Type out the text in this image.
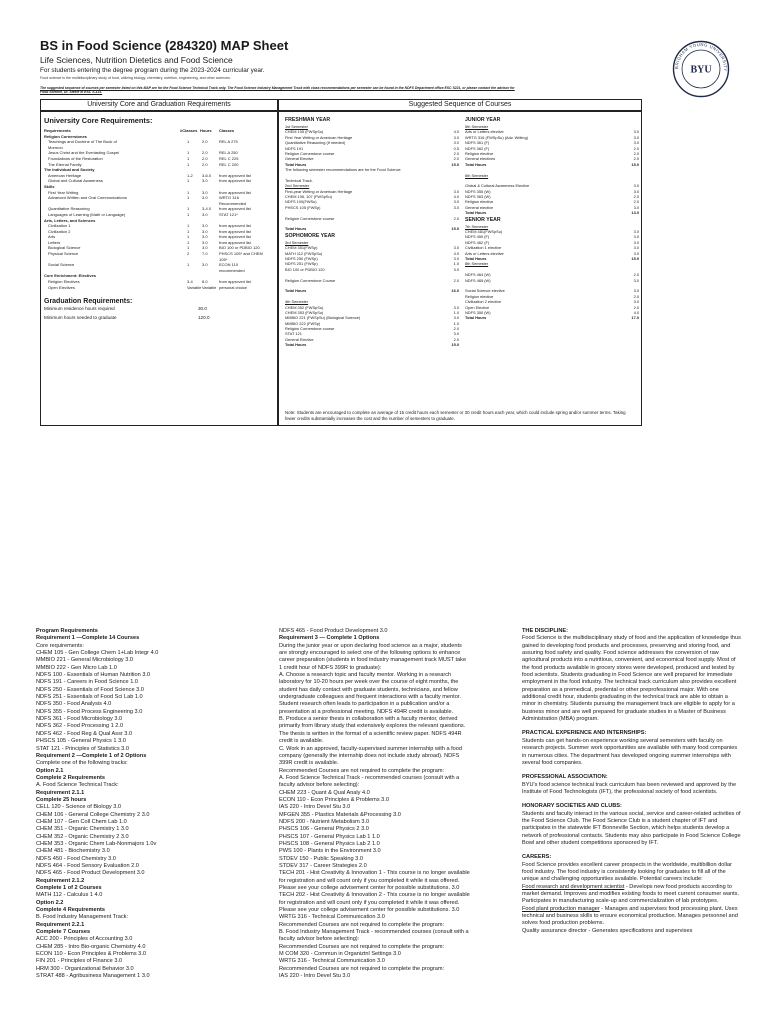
BS in Food Science (284320) MAP Sheet
Life Sciences, Nutrition Dietetics and Food Science
For students entering the degree program during the 2023-2024 curricular year.
Food science is the multidisciplinary study of food, utilizing biology, chemistry, nutrition, engineering, and other sciences.
The suggested sequence of courses per semester listed on this MAP are for the Food Science Technical Track only. The Food Science Industry Management Track with class recommendations per semester can be found in the NDFS Department office ESC S221, or please contact the advisor for Food Science, Dr. Steele in ESC S-131.
BRIGHAM YOUNG UNIVERSITY
BYU
University Core and Graduation Requirements	Suggested Sequence of Courses
University Core Requirements:
Requirements	#Classes Hours Classes
Religion Cornerstones
Teachings and Doctrine of The Book of	1	2.0	REL A 275
Mormon
Jesus Christ and the Everlasting Gospel	1	2.0	REL A 250
Foundations of the Restoration	1	2.0	REL C 225
The Eternal Family	1	2.0	REL C 200
The Individual and Society
American Heritage	1-2 3-6.0 from approved list
Global and Cultural Awareness	1	3.0	from approved list
Skills
First Year Writing	1	3.0	from approved list
Advanced Written and Oral Communications	1	3.0	WRTG 316
Recommended
Quantitative Reasoning	1	3-4.0 from approved list
Languages of Learning (Math or Language)	1	3.0	STAT 121*
Arts, Letters, and Sciences
Civilization 1	1	3.0	from approved list
Civilization 2	1	3.0	from approved list
Arts	1	3.0	from approved list
Letters	1	3.0	from approved list
Biological Science	1	3.0	BIO 100 or PDBIO 120
Physical Science	2	7.0	PHSCS 105* and CHEM
105*
Social Science	1	3.0	ECON 110
recommended
Core Enrichment: Electives
Religion Electives	3-4 6.0	from approved list
Open Electives	Variable Variable personal choice
Graduation Requirements:
Minimum residence hours required	30.0
Minimum hours needed to graduate	120.0
FRESHMAN YEAR
1st Semester
CHEM 105 (FWSpSu)	4.0
First Year Writing or American Heritage	3.0
Quantitative Reasoning (if needed)	3.0
NDFS 191	0.5
Religion Cornerstone course	2.0
General Elective	2.0
Total Hours	15.0
The following semester recommendations are for the Food Science
Technical Track.
2nd Semester
First-year Writing or American Heritage	3.0
CHEM 106, 107 (FWSpSu)	4.0
NDFS 100(FWSu)	3.0
PHSCS 105 (FWSp)	3.0
Religion Cornerstone course	2.0
Total Hours	15.0
SOPHOMORE YEAR
3rd Semester
CHEM 351(FWSp)	3.0
MATH 112 (FWSpSu)	4.0
NDFS 250 (FWSp)	3.0
NDFS 251 (FWSp)	1.0
BIO 100 or PDBIO 120	3.0
Religion Cornerstone Course	2.0
Total Hours	16.0
4th Semester
CHEM 352 (FWSpSu)	3.0
CHEM 353 (FWSpSu)	1.0
MMBIO 221 (FWSpSu) (Biological Science)	3.0
MMBIO 222 (FWSp)	1.0
Religion Cornerstone course	2.0
STAT 121	3.0
General Elective	2.0
Total Hours	15.0
JUNIOR YEAR
5th Semester
Arts or Letters elective	3.0
WRTG 316 (FWSpSu) (Adv. Writing)	3.0
NDFS 361 (F)	3.0
NDFS 362 (F)	2.0
Religion elective	2.0
General electives	2.0
Total Hours	15.0
6th Semester
Global & Cultural Awareness Elective	3.0
NDFS 355 (W)	3.0
NDFS 363 (W)	2.0
Religion elective	2.0
General elective	3.0
Total Hours	13.0
SENIOR YEAR
7th Semester
CHEM 481(FWSpSu)	3.0
NDFS 450 (F)	3.0
NDFS 462 (F)	3.0
Civilization 1 elective	3.0
Arts or Letters elective	3.0
Total Hours	15.0
8th Semester
NDFS 464 (W)	2.0
NDFS 465 (W)	3.0
Social Science elective	3.0
Religion elective	2.0
Civilization 2 elective	3.0
Open Elective	2.0
NDFS 350 (W)	4.0
Total Hours	17.0
Note: Students are encouraged to complete an average of 15 credit hours each semester or 30 credit hours each year, which could include spring and/or summer terms. Taking fewer credits substantially increases the cost and the number of semesters to graduate.
Program Requirements
Requirement 1 —Complete 14 Courses
Core requirements:
CHEM 105 - Gen College Chem 1+Lab Integr 4.0
MMBIO 221 - General Microbiology 3.0
MMBIO 222 - Gen Micro Lab 1.0
NDFS 100 - Essentials of Human Nutrition 3.0
NDFS 191 - Careers in Food Science 1.0
NDFS 250 - Essentials of Food Science 3.0
NDFS 251 - Essentials of Food Sci Lab 1.0
NDFS 350 - Food Analysis 4.0
NDFS 355 - Food Process Engineering 3.0
NDFS 361 - Food Microbiology 3.0
NDFS 362 - Food Processing 1 2.0
NDFS 462 - Food Reg & Qual Assr 3.0
PHSCS 105 - General Physics 1 3.0
STAT 121 - Principles of Statistics 3.0
Requirement 2 —Complete 1 of 2 Options
Complete one of the following tracks:
Option 2.1
Complete 2 Requirements
A. Food Science Technical Track:
Requirement 2.1.1
Complete 25 hours
CELL 120 - Science of Biology 3.0
CHEM 106 - General College Chemistry 2 3.0
CHEM 107 - Gen Coll Chem Lab 1.0
CHEM 351 - Organic Chemistry 1 3.0
CHEM 352 - Organic Chemistry 2 3.0
CHEM 353 - Organic Chem Lab-Nonmajors 1.0v
CHEM 481 - Biochemistry 3.0
NDFS 450 - Food Chemistry 3.0
NDFS 464 - Food Sensory Evaluation 2.0
NDFS 465 - Food Product Development 3.0
Requirement 2.1.2
Complete 1 of 2 Courses
MATH 112 - Calculus 1 4.0
Option 2.2
Complete 4 Requirements
B. Food Industry Management Track:
Requirement 2.2.1
Complete 7 Courses
ACC 200 - Principles of Accounting 3.0
CHEM 285 - Intro Bio-organic Chemistry 4.0
ECON 110 - Econ Principles & Problems 3.0
FIN 201 - Principles of Finance 3.0
HRM 300 - Organizational Behavior 3.0
STRAT 488 - Agribusiness Management 1 3.0
NDFS 465 - Food Product Development 3.0
Requirement 3 — Complete 1 Options
During the junior year or upon declaring food science as a major, students
are strongly encouraged to select one of the following options to enhance
career preparation (students in food industry management track MUST take
1 credit hour of NDFS 399R to graduate):
A. Choose a research topic and faculty mentor. Working in a research
laboratory for 10-20 hours per week over the course of eight months, the
student has daily contact with graduate students, technicians, and fellow
undergraduate colleagues and frequent interactions with a faculty mentor.
Student research often leads to participation in a publication and/or a
presentation at a professional meeting. NDFS 494R credit is available.
B. Produce a senior thesis in collaboration with a faculty mentor, derived
primarily from library study that extensively explores the relevant questions.
The thesis is written in the format of a scientific review paper. NDFS 494R
credit is available.
C. Work in an approved, faculty-supervised summer internship with a food
company (generally the internship does not include study abroad). NDFS
399R credit is available.
Recommended Courses are not required to complete the program:
A. Food Science Technical Track - recommended courses (consult with a
faculty advisor before selecting):
CHEM 223 - Quant & Qual Analy 4.0
ECON 110 - Econ Principles & Problems 3.0
IAS 220 - Intro Devel Stu 3.0
MFGEN 355 - Plastics Materials &Processing 3.0
NDFS 200 - Nutrient Metabolism 3.0
PHSCS 106 - General Physics 2 3.0
PHSCS 107 - General Physics Lab 1 1.0
PHSCS 108 - General Physics Lab 2 1.0
PWS 100 - Plants in the Environment 3.0
STDEV 150 - Public Speaking 3.0
STDEV 317 - Career Strategies 2.0
TECH 201 - Hist Creativity & Innovation 1 - This course is no longer available
for registration and will count only if you completed it while it was offered.
Please see your college advisement center for possible substitutions. 3.0
TECH 202 - Hist Creativity & Innovation 2 - This course is no longer available
for registration and will count only if you completed it while it was offered.
Please see your college advisement center for possible substitutions. 3.0
WRTG 316 - Technical Communication 3.0
Recommended Courses are not required to complete the program:
B. Food Industry Management Track - recommended courses (consult with a
faculty advisor before selecting):
Recommended Courses are not required to complete the program:
M COM 320 - Commun in Organiztnl Settings 3.0
WRTG 316 - Technical Communication 3.0
Recommended Courses are not required to complete the program:
IAS 220 - Intro Devel Stu 3.0
THE DISCIPLINE:
Food Science is the multidisciplinary study of food and the application of knowledge thus gained to developing food products and processes, preserving and storing food, and assuring food safety and quality. Food science addresses the conversion of raw agricultural products into a nutritious, convenient, and economical food supply. Most of the food products available in grocery stores were developed, produced and tested by food scientists. Students graduating in Food Science are well prepared for immediate employment in the food industry. The technical track curriculum also provides excellent preparation as a premedical, predental or other preprofessional major. With one additional credit hour, students graduating in the technical track are able to obtain a minor in chemistry. Students pursuing the management track are eligible to apply for a business minor and are well prepared for graduate studies in a Master of Business Administration (MBA) program.
PRACTICAL EXPERIENCE AND INTERNSHIPS:
Students can get hands-on experience working several semesters with faculty on research projects. Summer work opportunities are available with many food companies in numerous cities. The department has developed ongoing summer internships with several food companies.
PROFESSIONAL ASSOCIATION:
BYU's food science technical track curriculum has been reviewed and approved by the Institute of Food Technologists (IFT), the professional society of food scientists.
HONORARY SOCIETIES AND CLUBS:
Students and faculty interact in the various social, service and career-related activities of the Food Science Club. The Food Science Club is a student chapter of IFT and participates in the statewide IFT Bonneville Section, which helps students develop a network of professional contacts. Students may also participate in Food Science College Bowl and other student competitions sponsored by IFT.
CAREERS:
Food Science provides excellent career prospects in the worldwide, multibillion dollar food industry. The food industry is consistently looking for graduates to fill all of the unique and challenging opportunities available. Potential careers include:
Food research and development scientist - Develops new food products according to market demand. Improves and modifies existing foods to meet current consumer wants. Participates in manufacturing scale-up and commercialization of lab prototypes.
Food plant production manager - Manages and supervises food processing plant. Uses technical and business skills to ensure economical production. Manages personnel and solves food production problems.
Quality assurance director - Generates specifications and supervises
